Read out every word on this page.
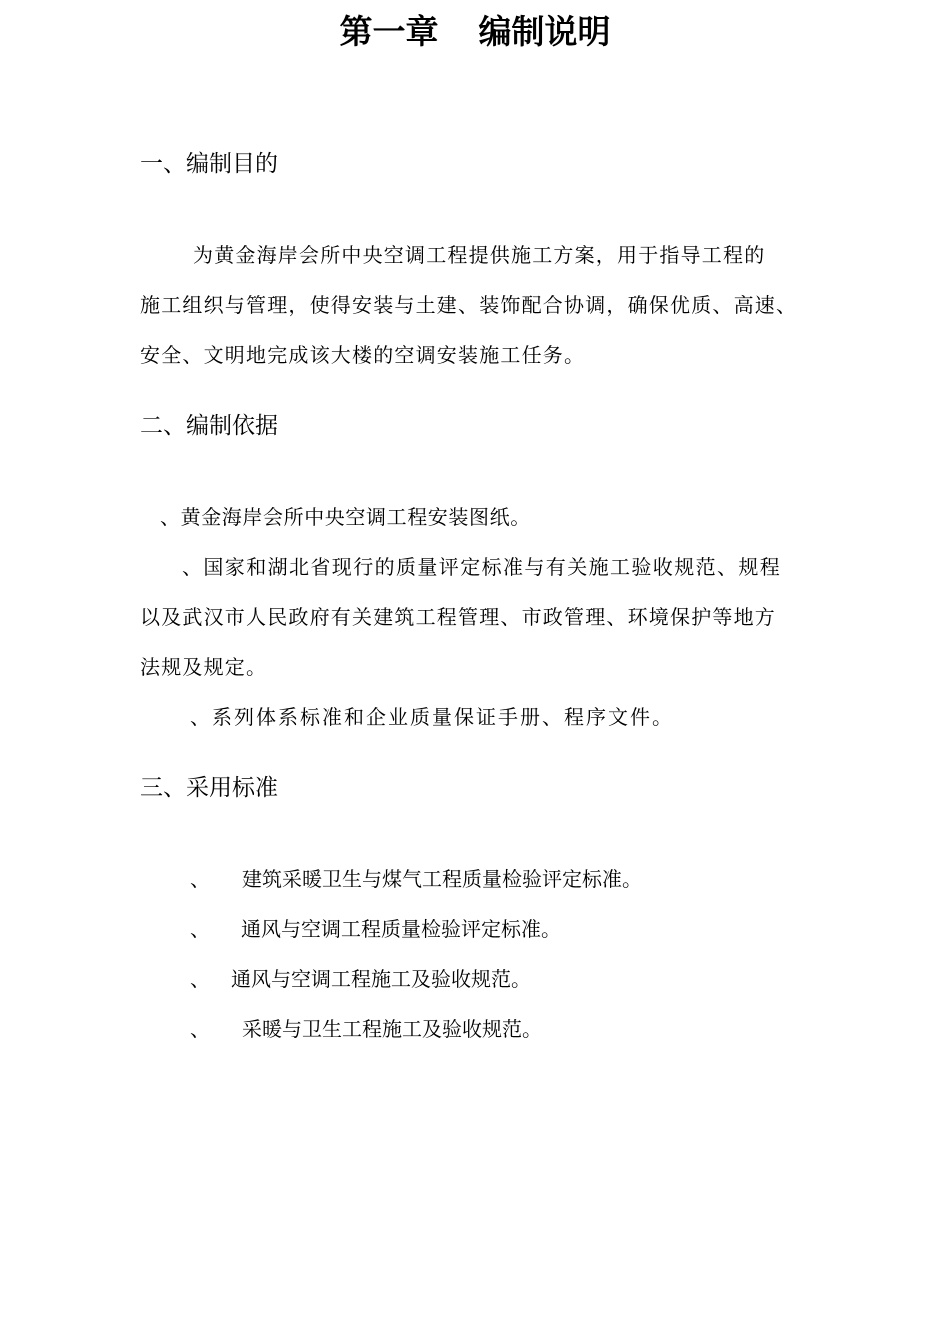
第一章 编制说明
一、编制目的
为黄金海岸会所中央空调工程提供施工方案，用于指导工程的
施工组织与管理，使得安装与土建、装饰配合协调，确保优质、高速、
安全、文明地完成该大楼的空调安装施工任务。
二、编制依据
、黄金海岸会所中央空调工程安装图纸。
、国家和湖北省现行的质量评定标准与有关施工验收规范、规程
以及武汉市人民政府有关建筑工程管理、市政管理、环境保护等地方
法规及规定。
、系列体系标准和企业质量保证手册、程序文件。
三、采用标准
、 建筑采暖卫生与煤气工程质量检验评定标准。
、 通风与空调工程质量检验评定标准。
、 通风与空调工程施工及验收规范。
、 采暖与卫生工程施工及验收规范。
